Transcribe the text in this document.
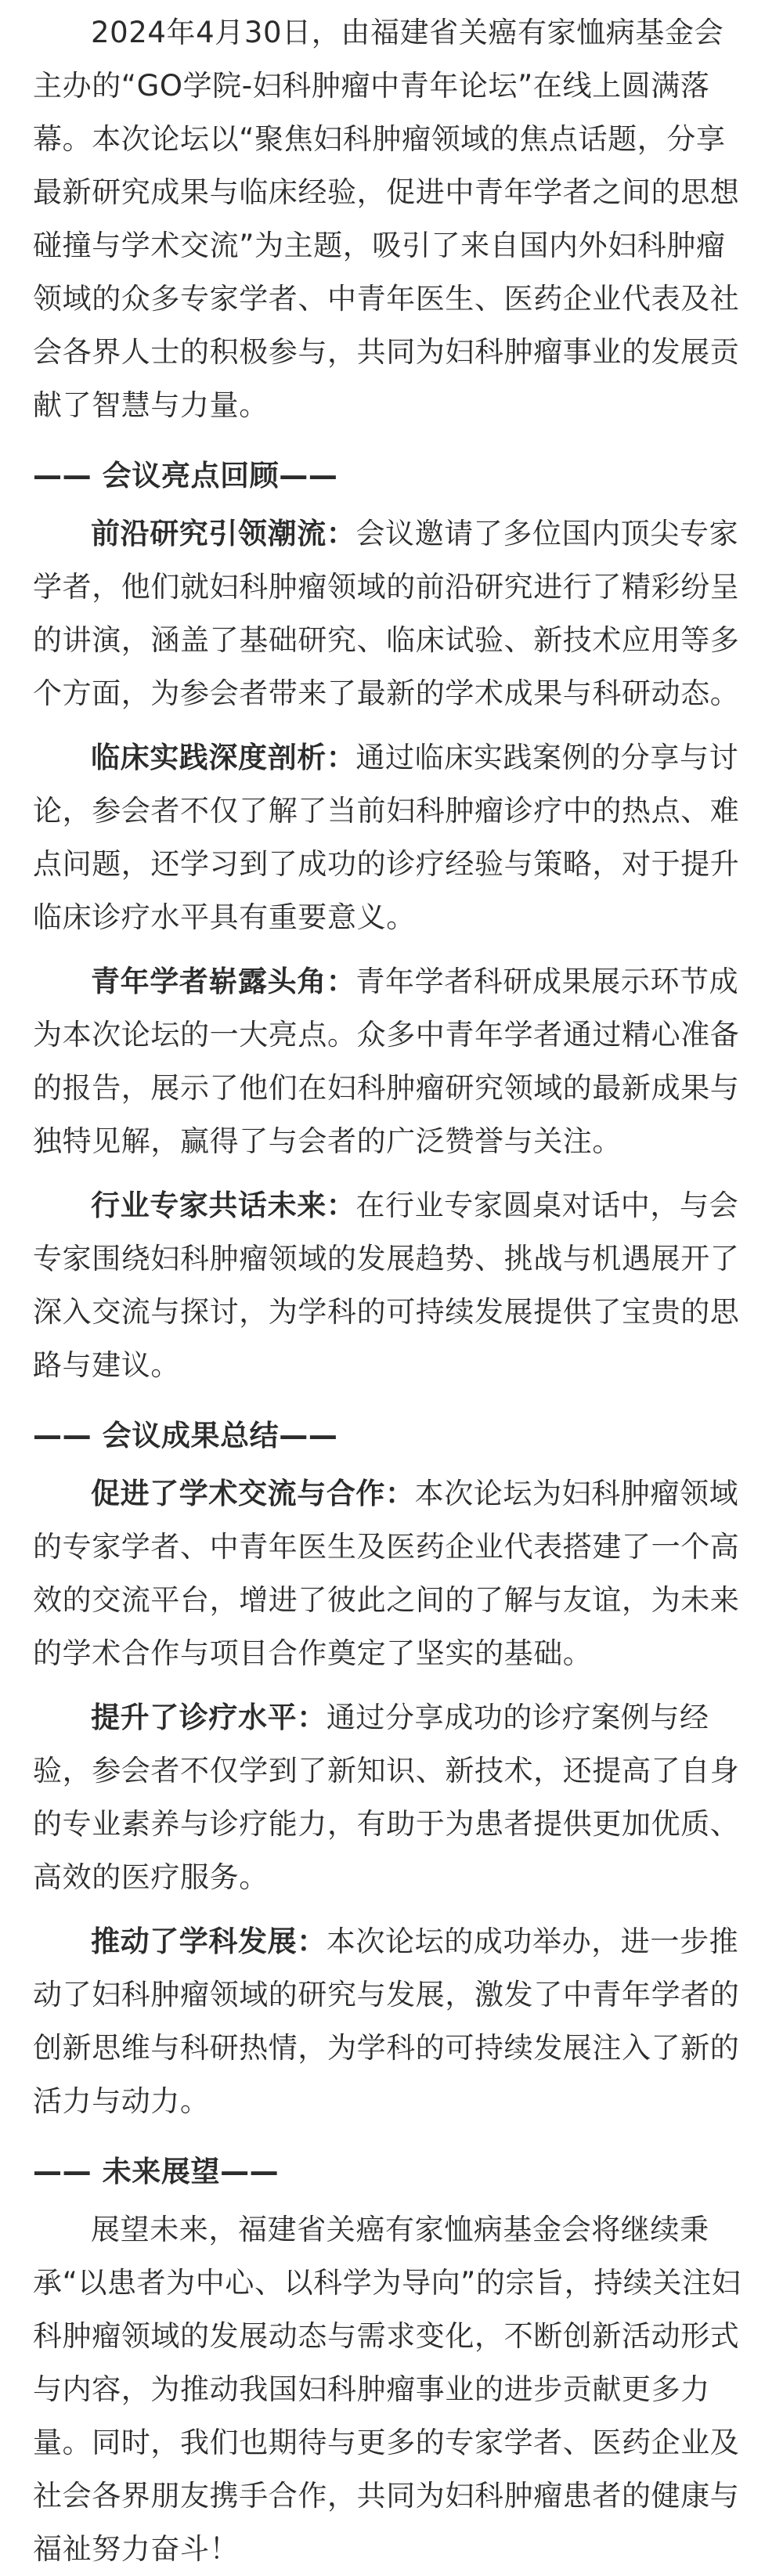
2024年4月30日，由福建省关癌有家恤病基金会主办的“GO学院-妇科肿瘤中青年论坛”在线上圆满落幕。本次论坛以“聚焦妇科肿瘤领域的焦点话题，分享最新研究成果与临床经验，促进中青年学者之间的思想碰撞与学术交流”为主题，吸引了来自国内外妇科肿瘤领域的众多专家学者、中青年医生、医药企业代表及社会各界人士的积极参与，共同为妇科肿瘤事业的发展贡献了智慧与力量。

—— 会议亮点回顾——

前沿研究引领潮流：会议邀请了多位国内顶尖专家学者，他们就妇科肿瘤领域的前沿研究进行了精彩纷呈的讲演，涵盖了基础研究、临床试验、新技术应用等多个方面，为参会者带来了最新的学术成果与科研动态。

临床实践深度剖析：通过临床实践案例的分享与讨论，参会者不仅了解了当前妇科肿瘤诊疗中的热点、难点问题，还学习到了成功的诊疗经验与策略，对于提升临床诊疗水平具有重要意义。

青年学者崭露头角：青年学者科研成果展示环节成为本次论坛的一大亮点。众多中青年学者通过精心准备的报告，展示了他们在妇科肿瘤研究领域的最新成果与独特见解，赢得了与会者的广泛赞誉与关注。

行业专家共话未来：在行业专家圆桌对话中，与会专家围绕妇科肿瘤领域的发展趋势、挑战与机遇展开了深入交流与探讨，为学科的可持续发展提供了宝贵的思路与建议。

—— 会议成果总结——

促进了学术交流与合作：本次论坛为妇科肿瘤领域的专家学者、中青年医生及医药企业代表搭建了一个高效的交流平台，增进了彼此之间的了解与友谊，为未来的学术合作与项目合作奠定了坚实的基础。

提升了诊疗水平：通过分享成功的诊疗案例与经验，参会者不仅学到了新知识、新技术，还提高了自身的专业素养与诊疗能力，有助于为患者提供更加优质、高效的医疗服务。

推动了学科发展：本次论坛的成功举办，进一步推动了妇科肿瘤领域的研究与发展，激发了中青年学者的创新思维与科研热情，为学科的可持续发展注入了新的活力与动力。

—— 未来展望——

展望未来，福建省关癌有家恤病基金会将继续秉承“以患者为中心、以科学为导向”的宗旨，持续关注妇科肿瘤领域的发展动态与需求变化，不断创新活动形式与内容，为推动我国妇科肿瘤事业的进步贡献更多力量。同时，我们也期待与更多的专家学者、医药企业及社会各界朋友携手合作，共同为妇科肿瘤患者的健康与福祉努力奋斗！
